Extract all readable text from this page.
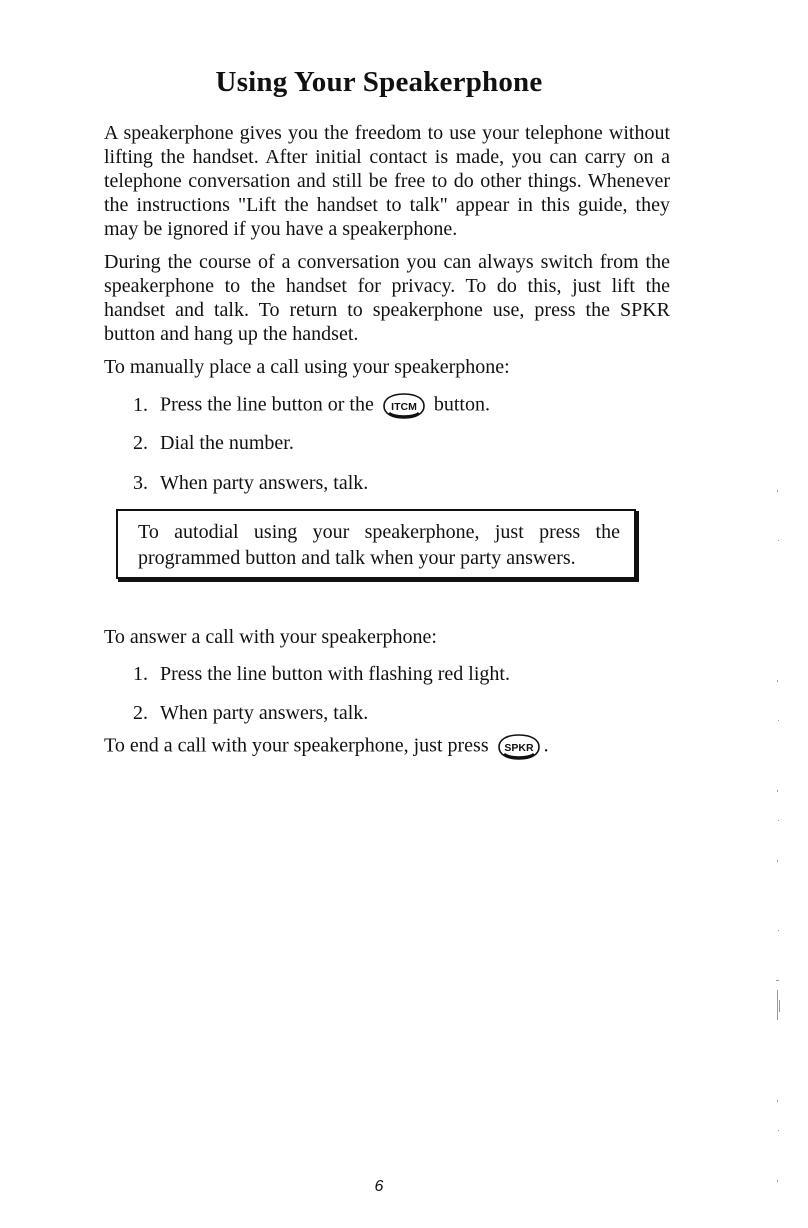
Using Your Speakerphone
A speakerphone gives you the freedom to use your telephone without lifting the handset. After initial contact is made, you can carry on a telephone conversation and still be free to do other things. Whenever the instructions "Lift the handset to talk" appear in this guide, they may be ignored if you have a speakerphone.
During the course of a conversation you can always switch from the speakerphone to the handset for privacy. To do this, just lift the handset and talk. To return to speakerphone use, press the SPKR button and hang up the handset.
To manually place a call using your speakerphone:
1. Press the line button or the ITCM button.
2. Dial the number.
3. When party answers, talk.
To autodial using your speakerphone, just press the programmed button and talk when your party answers.
To answer a call with your speakerphone:
1. Press the line button with flashing red light.
2. When party answers, talk.
To end a call with your speakerphone, just press SPKR .
6
